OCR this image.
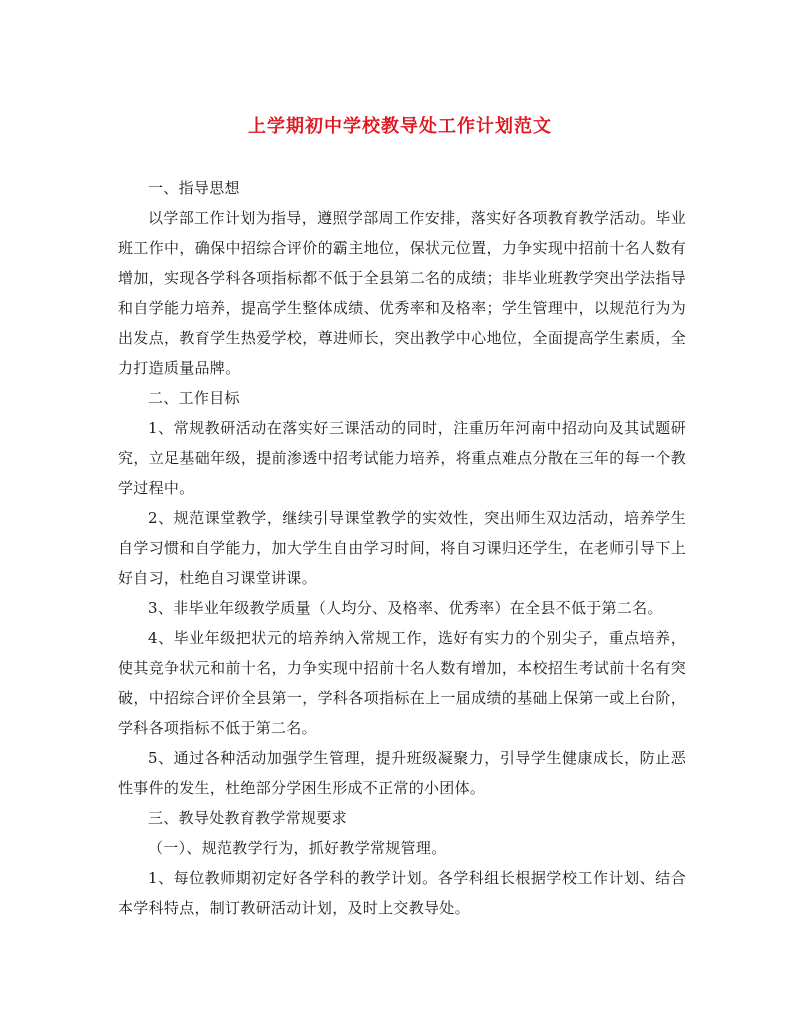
上学期初中学校教导处工作计划范文

一、指导思想

以学部工作计划为指导，遵照学部周工作安排，落实好各项教育教学活动。毕业班工作中，确保中招综合评价的霸主地位，保状元位置，力争实现中招前十名人数有增加，实现各学科各项指标都不低于全县第二名的成绩；非毕业班教学突出学法指导和自学能力培养，提高学生整体成绩、优秀率和及格率；学生管理中，以规范行为为出发点，教育学生热爱学校，尊进师长，突出教学中心地位，全面提高学生素质，全力打造质量品牌。

二、工作目标

1、常规教研活动在落实好三课活动的同时，注重历年河南中招动向及其试题研究，立足基础年级，提前渗透中招考试能力培养，将重点难点分散在三年的每一个教学过程中。

2、规范课堂教学，继续引导课堂教学的实效性，突出师生双边活动，培养学生自学习惯和自学能力，加大学生自由学习时间，将自习课归还学生，在老师引导下上好自习，杜绝自习课堂讲课。

3、非毕业年级教学质量（人均分、及格率、优秀率）在全县不低于第二名。

4、毕业年级把状元的培养纳入常规工作，选好有实力的个别尖子，重点培养，使其竞争状元和前十名，力争实现中招前十名人数有增加，本校招生考试前十名有突破，中招综合评价全县第一，学科各项指标在上一届成绩的基础上保第一或上台阶，学科各项指标不低于第二名。

5、通过各种活动加强学生管理，提升班级凝聚力，引导学生健康成长，防止恶性事件的发生，杜绝部分学困生形成不正常的小团体。

三、教导处教育教学常规要求

（一）、规范教学行为，抓好教学常规管理。

1、每位教师期初定好各学科的教学计划。各学科组长根据学校工作计划、结合本学科特点，制订教研活动计划，及时上交教导处。
